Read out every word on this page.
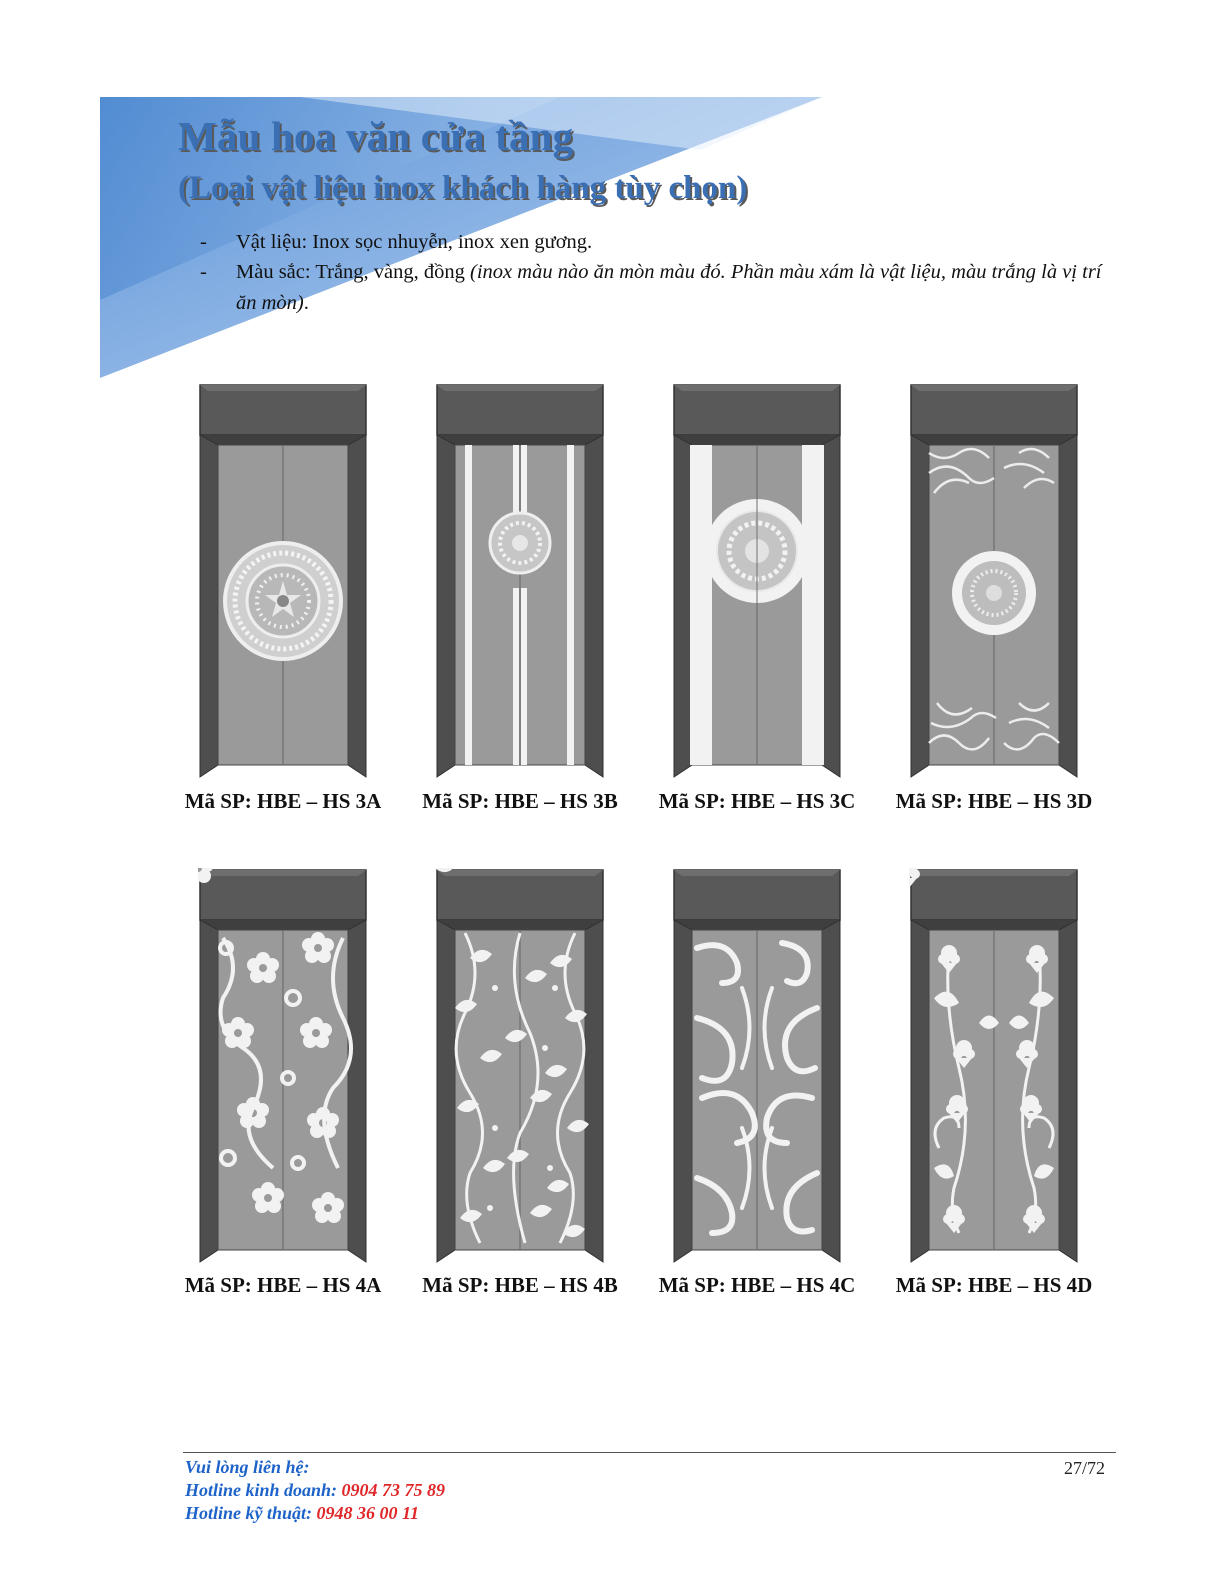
Mẫu hoa văn cửa tầng
(Loại vật liệu inox khách hàng tùy chọn)
- Vật liệu: Inox sọc nhuyễn, inox xen gương.
- Màu sắc: Trắng, vàng, đồng (inox màu nào ăn mòn màu đó. Phần màu xám là vật liệu, màu trắng là vị trí ăn mòn).
Mã SP: HBE – HS 3A	Mã SP: HBE – HS 3B	Mã SP: HBE – HS 3C	Mã SP: HBE – HS 3D
Mã SP: HBE – HS 4A	Mã SP: HBE – HS 4B	Mã SP: HBE – HS 4C	Mã SP: HBE – HS 4D
Vui lòng liên hệ:
Hotline kinh doanh: 0904 73 75 89
Hotline kỹ thuật: 0948 36 00 11
27/72
